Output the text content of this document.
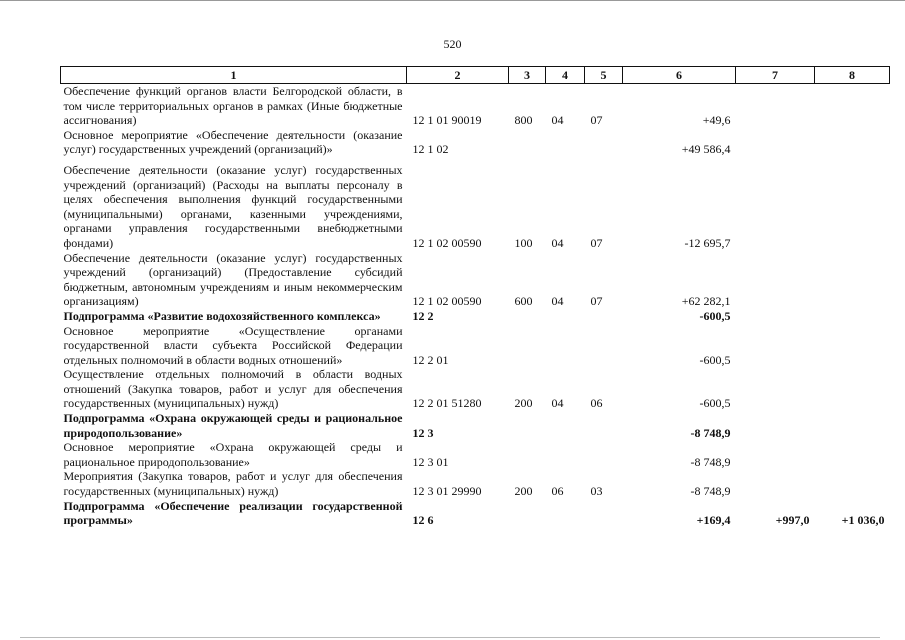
520
1	2	3	4	5	6	7	8
Обеспечение функций органов власти Белгородской области, в том числе территориальных органов в рамках (Иные бюджетные ассигнования)	12 1 01 90019	800	04	07	+49,6		
Основное мероприятие «Обеспечение деятельности (оказание услуг) государственных учреждений (организаций)»	12 1 02				+49 586,4		
Обеспечение деятельности (оказание услуг) государственных учреждений (организаций) (Расходы на выплаты персоналу в целях обеспечения выполнения функций государственными (муниципальными) органами, казенными учреждениями, органами управления государственными внебюджетными фондами)	12 1 02 00590	100	04	07	-12 695,7		
Обеспечение деятельности (оказание услуг) государственных учреждений (организаций) (Предоставление субсидий бюджетным, автономным учреждениям и иным некоммерческим организациям)	12 1 02 00590	600	04	07	+62 282,1		
Подпрограмма «Развитие водохозяйственного комплекса»	12 2				-600,5		
Основное мероприятие «Осуществление органами государственной власти субъекта Российской Федерации отдельных полномочий в области водных отношений»	12 2 01				-600,5		
Осуществление отдельных полномочий в области водных отношений (Закупка товаров, работ и услуг для обеспечения государственных (муниципальных) нужд)	12 2 01 51280	200	04	06	-600,5		
Подпрограмма «Охрана окружающей среды и рациональное природопользование»	12 3				-8 748,9		
Основное мероприятие «Охрана окружающей среды и рациональное природопользование»	12 3 01				-8 748,9		
Мероприятия (Закупка товаров, работ и услуг для обеспечения государственных (муниципальных) нужд)	12 3 01 29990	200	06	03	-8 748,9		
Подпрограмма «Обеспечение реализации государственной программы»	12 6				+169,4	+997,0	+1 036,0
